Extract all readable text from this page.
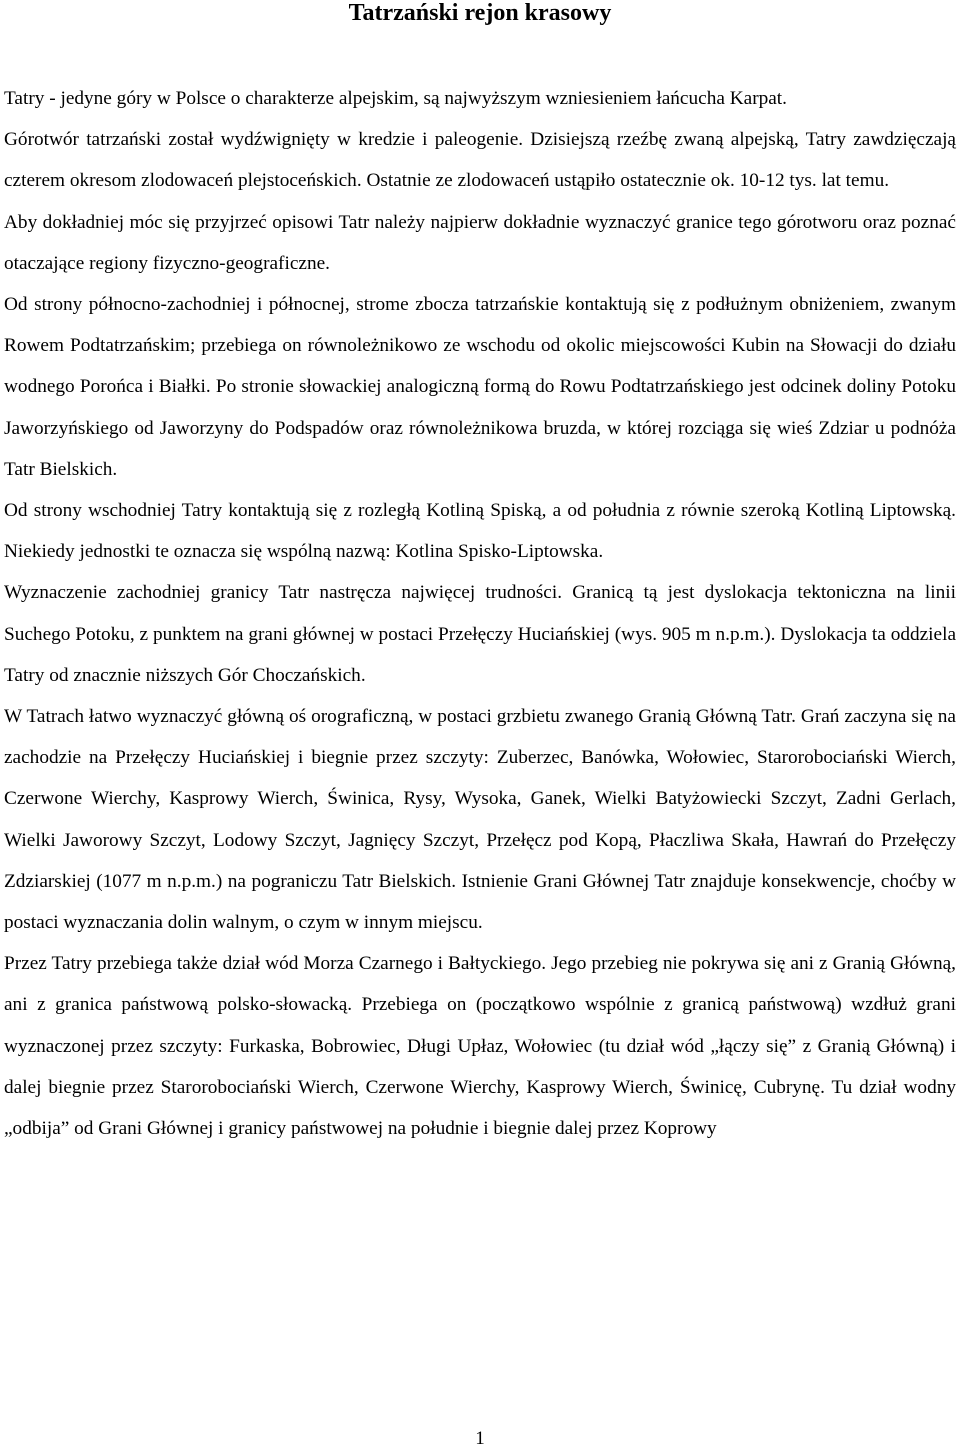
Tatrzański rejon krasowy

Tatry - jedyne góry w Polsce o charakterze alpejskim, są najwyższym wzniesieniem łańcucha Karpat.

Górotwór tatrzański został wydźwignięty w kredzie i paleogenie. Dzisiejszą rzeźbę zwaną alpejską, Tatry zawdzięczają czterem okresom zlodowaceń plejstoceńskich. Ostatnie ze zlodowaceń ustąpiło ostatecznie ok. 10-12 tys. lat temu.

Aby dokładniej móc się przyjrzeć opisowi Tatr należy najpierw dokładnie wyznaczyć granice tego górotworu oraz poznać otaczające regiony fizyczno-geograficzne.

Od strony północno-zachodniej i północnej, strome zbocza tatrzańskie kontaktują się z podłużnym obniżeniem, zwanym Rowem Podtatrzańskim; przebiega on równoleżnikowo ze wschodu od okolic miejscowości Kubin na Słowacji do działu wodnego Porońca i Białki. Po stronie słowackiej analogiczną formą do Rowu Podtatrzańskiego jest odcinek doliny Potoku Jaworzyńskiego od Jaworzyny do Podspadów oraz równoleżnikowa bruzda, w której rozciąga się wieś Zdziar u podnóża Tatr Bielskich.

Od strony wschodniej Tatry kontaktują się z rozległą Kotliną Spiską, a od południa z równie szeroką Kotliną Liptowską. Niekiedy jednostki te oznacza się wspólną nazwą: Kotlina Spisko-Liptowska.

Wyznaczenie zachodniej granicy Tatr nastręcza najwięcej trudności. Granicą tą jest dyslokacja tektoniczna na linii Suchego Potoku, z punktem na grani głównej w postaci Przełęczy Huciańskiej (wys. 905 m n.p.m.). Dyslokacja ta oddziela Tatry od znacznie niższych Gór Choczańskich.

W Tatrach łatwo wyznaczyć główną oś orograficzną, w postaci grzbietu zwanego Granią Główną Tatr. Grań zaczyna się na zachodzie na Przełęczy Huciańskiej i biegnie przez szczyty: Zuberzec, Banówka, Wołowiec, Starorobociański Wierch, Czerwone Wierchy, Kasprowy Wierch, Świnica, Rysy, Wysoka, Ganek, Wielki Batyżowiecki Szczyt, Zadni Gerlach, Wielki Jaworowy Szczyt, Lodowy Szczyt, Jagnięcy Szczyt, Przełęcz pod Kopą, Płaczliwa Skała, Hawrań do Przełęczy Zdziarskiej (1077 m n.p.m.) na pograniczu Tatr Bielskich. Istnienie Grani Głównej Tatr znajduje konsekwencje, choćby w postaci wyznaczania dolin walnym, o czym w innym miejscu.

Przez Tatry przebiega także dział wód Morza Czarnego i Bałtyckiego. Jego przebieg nie pokrywa się ani z Granią Główną, ani z granica państwową polsko-słowacką. Przebiega on (początkowo wspólnie z granicą państwową) wzdłuż grani wyznaczonej przez szczyty: Furkaska, Bobrowiec, Długi Upłaz, Wołowiec (tu dział wód „łączy się” z Granią Główną) i dalej biegnie przez Starorobociański Wierch, Czerwone Wierchy, Kasprowy Wierch, Świnicę, Cubrynę. Tu dział wodny „odbija” od Grani Głównej i granicy państwowej na południe i biegnie dalej przez Koprowy

1
